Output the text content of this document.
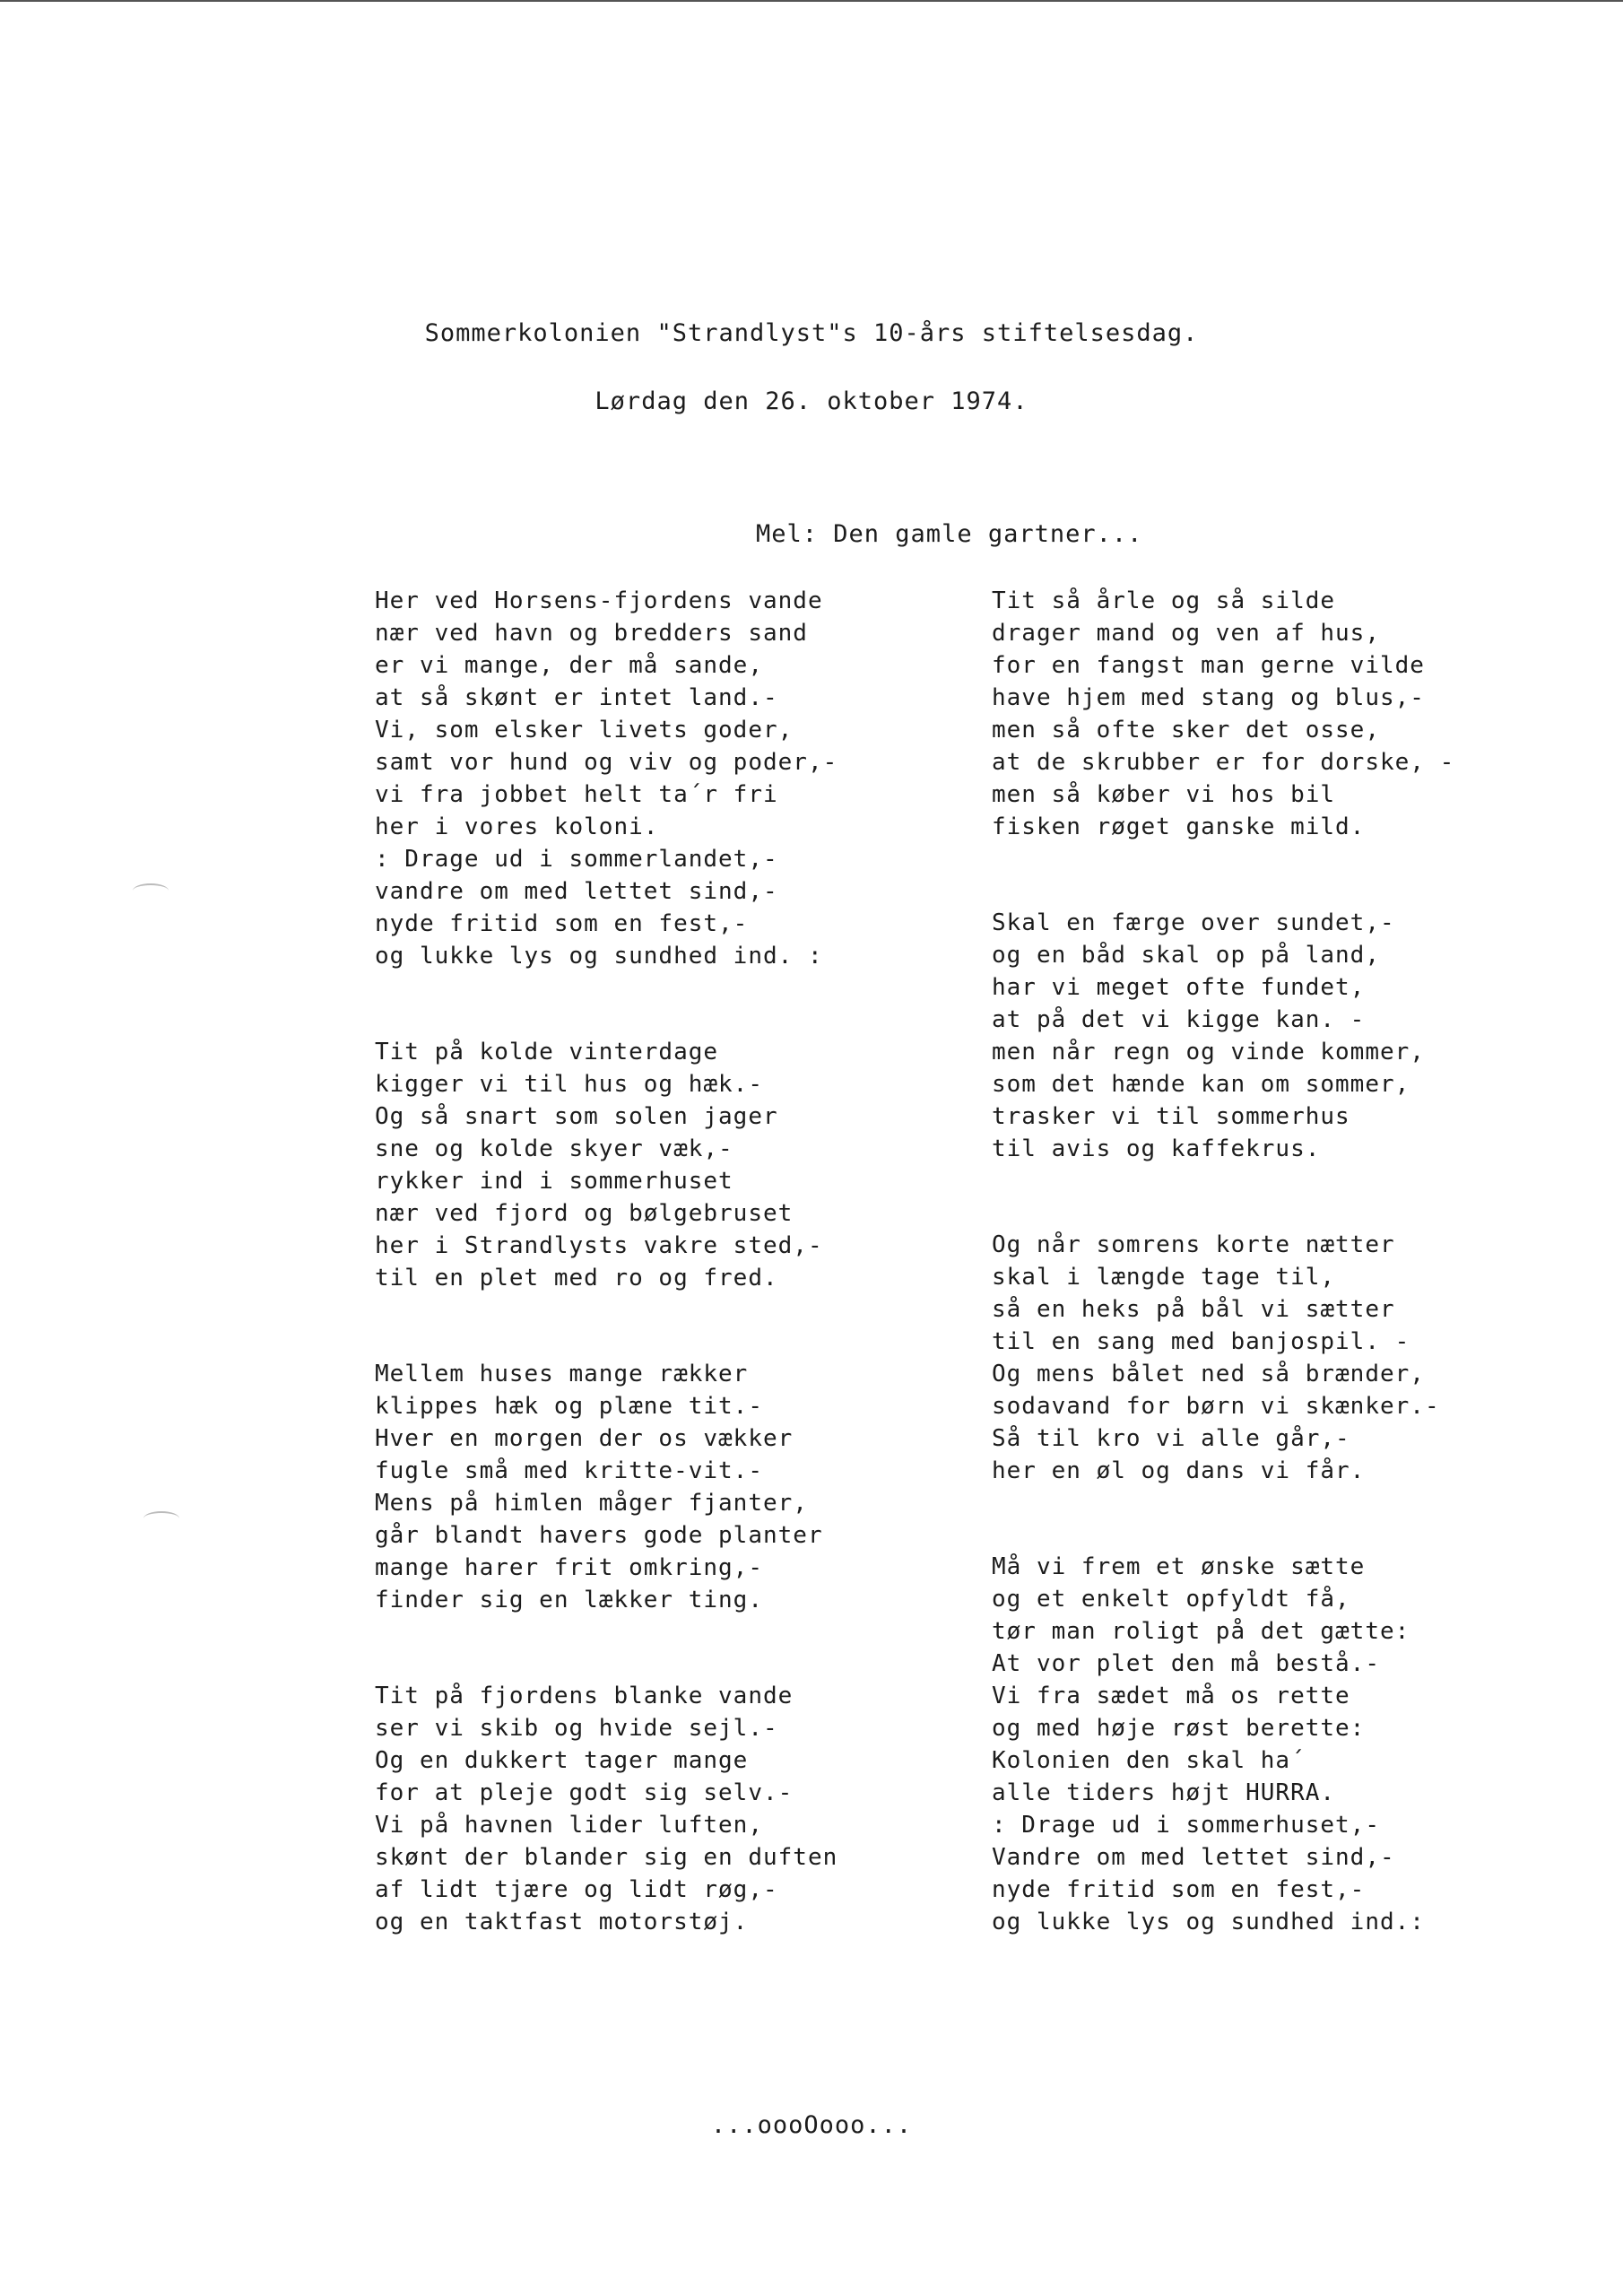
Sommerkolonien "Strandlyst"s 10-års stiftelsesdag.
Lørdag den 26. oktober 1974.
Mel: Den gamle gartner...
Her ved Horsens-fjordens vande
nær ved havn og bredders sand
er vi mange, der må sande,
at så skønt er intet land.-
Vi, som elsker livets goder,
samt vor hund og viv og poder,-
vi fra jobbet helt ta´r fri
her i vores koloni.
: Drage ud i sommerlandet,-
vandre om med lettet sind,-
nyde fritid som en fest,-
og lukke lys og sundhed ind. :
Tit på kolde vinterdage
kigger vi til hus og hæk.-
Og så snart som solen jager
sne og kolde skyer væk,-
rykker ind i sommerhuset
nær ved fjord og bølgebruset
her i Strandlysts vakre sted,-
til en plet med ro og fred.
Mellem huses mange rækker
klippes hæk og plæne tit.-
Hver en morgen der os vækker
fugle små med kritte-vit.-
Mens på himlen måger fjanter,
går blandt havers gode planter
mange harer frit omkring,-
finder sig en lækker ting.
Tit på fjordens blanke vande
ser vi skib og hvide sejl.-
Og en dukkert tager mange
for at pleje godt sig selv.-
Vi på havnen lider luften,
skønt der blander sig en duften
af lidt tjære og lidt røg,-
og en taktfast motorstøj.
Tit så årle og så silde
drager mand og ven af hus,
for en fangst man gerne vilde
have hjem med stang og blus,-
men så ofte sker det osse,
at de skrubber er for dorske, -
men så køber vi hos bil
fisken røget ganske mild.
Skal en færge over sundet,-
og en båd skal op på land,
har vi meget ofte fundet,
at på det vi kigge kan. -
men når regn og vinde kommer,
som det hænde kan om sommer,
trasker vi til sommerhus
til avis og kaffekrus.
Og når somrens korte nætter
skal i længde tage til,
så en heks på bål vi sætter
til en sang med banjospil. -
Og mens bålet ned så brænder,
sodavand for børn vi skænker.-
Så til kro vi alle går,-
her en øl og dans vi får.
Må vi frem et ønske sætte
og et enkelt opfyldt få,
tør man roligt på det gætte:
At vor plet den må bestå.-
Vi fra sædet må os rette
og med høje røst berette:
Kolonien den skal ha´
alle tiders højt HURRA.
: Drage ud i sommerhuset,-
Vandre om med lettet sind,-
nyde fritid som en fest,-
og lukke lys og sundhed ind.:
...oooOooo...
